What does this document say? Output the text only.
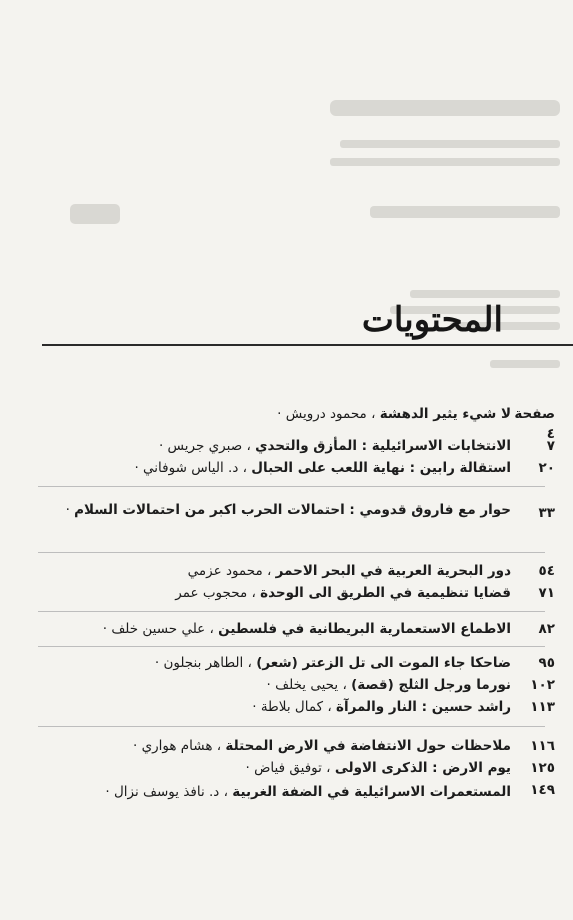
المحتويات
صفحة ٤
لا شيء يثير الدهشة ، محمود درويش ·
٧
الانتخابات الاسرائيلية : المأزق والتحدي ، صبري جريس ·
٢٠
استقالة رابين : نهاية اللعب على الحبال ، د. الياس شوفاني ·
٣٣
حوار مع فاروق قدومي : احتمالات الحرب اكبر من احتمالات السلام ·
٥٤
دور البحرية العربية في البحر الاحمر ، محمود عزمي
٧١
قضايا تنظيمية في الطريق الى الوحدة ، محجوب عمر
٨٢
الاطماع الاستعمارية البريطانية في فلسطين ، علي حسين خلف ·
٩٥
ضاحكا جاء الموت الى تل الزعتر (شعر) ، الطاهر بنجلون ·
١٠٢
نورما ورجل الثلج (قصة) ، يحيى يخلف ·
١١٣
راشد حسين : النار والمرآة ، كمال بلاطة ·
١١٦
ملاحظات حول الانتفاضة في الارض المحتلة ، هشام هواري ·
١٢٥
يوم الارض : الذكرى الاولى ، توفيق فياض ·
١٤٩
المستعمرات الاسرائيلية في الضفة الغربية ، د. نافذ يوسف نزال ·
